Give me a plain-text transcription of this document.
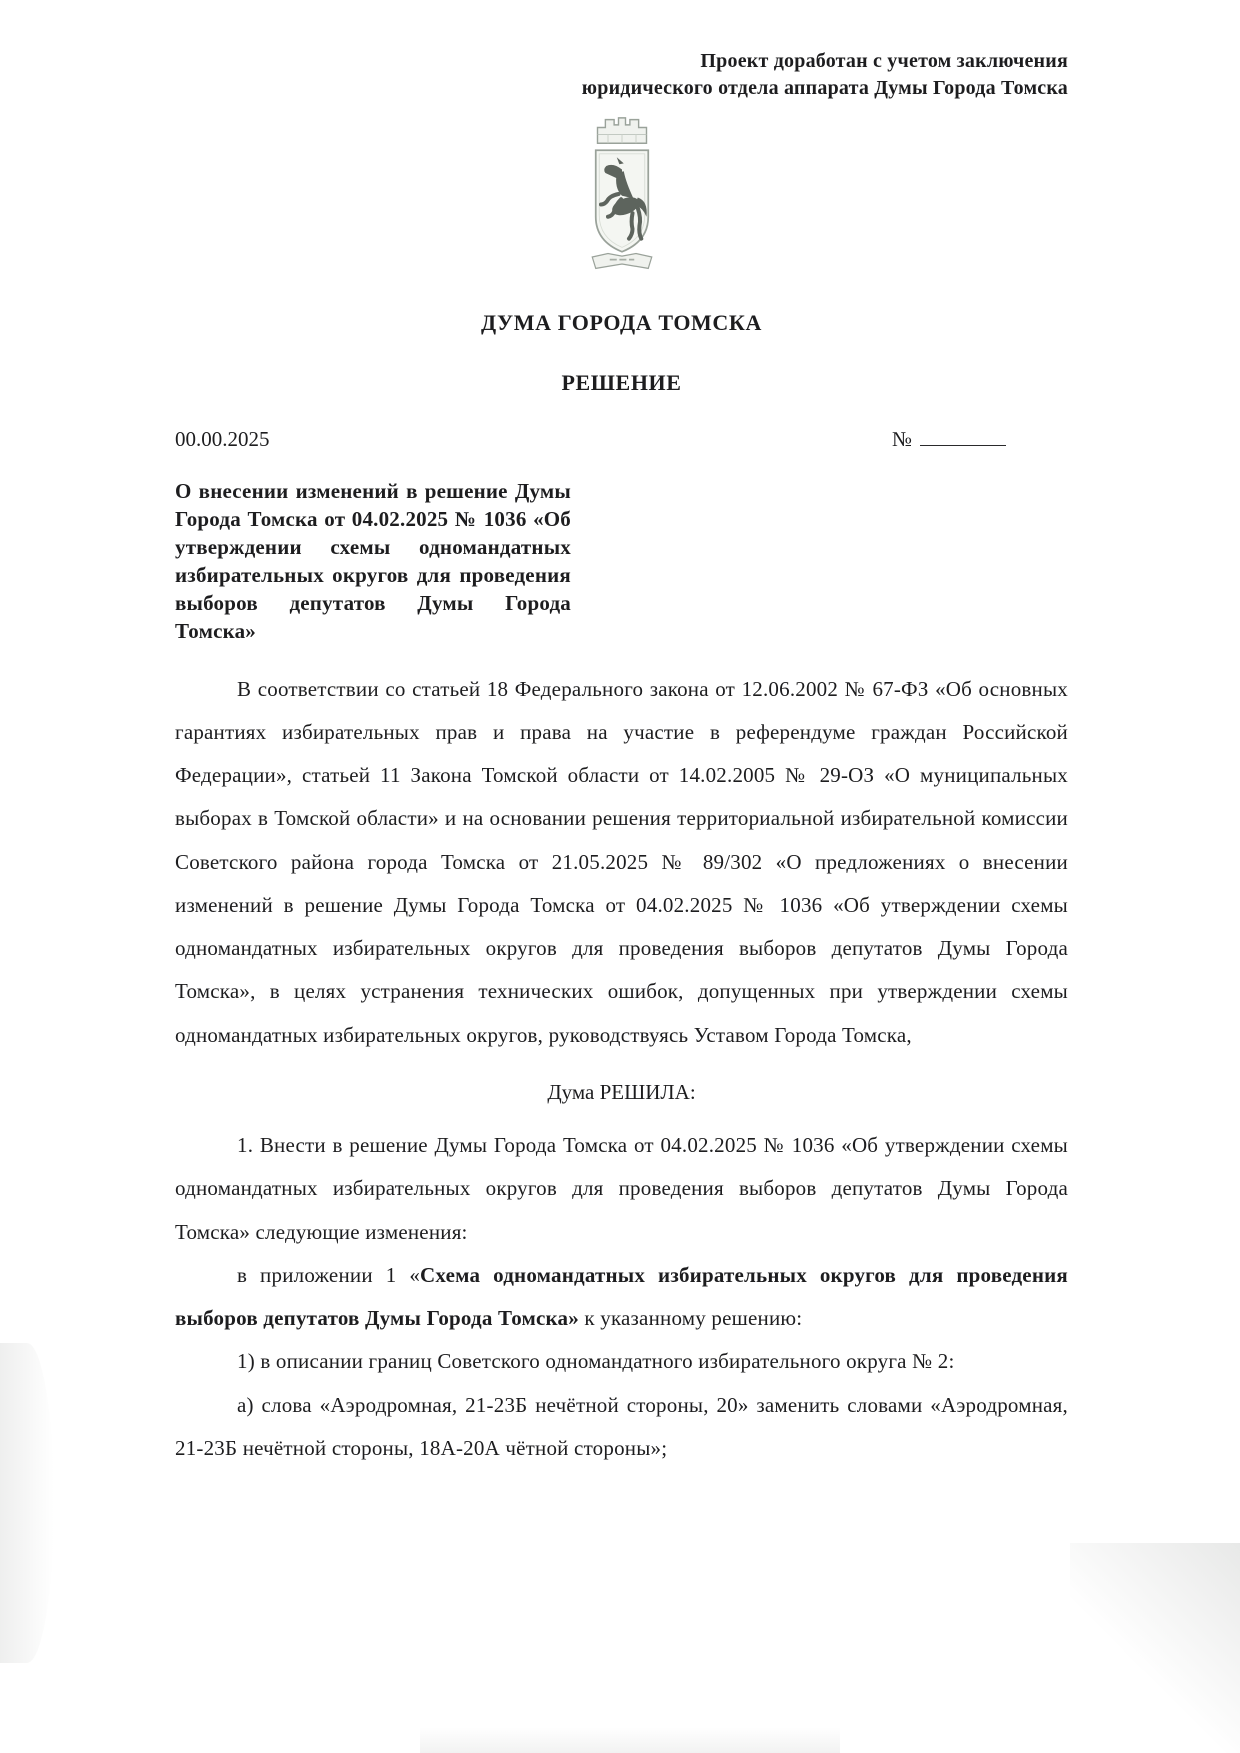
Проект доработан с учетом заключения
юридического отдела аппарата Думы Города Томска
ДУМА ГОРОДА ТОМСКА
РЕШЕНИЕ
00.00.2025	№
О внесении изменений в решение Думы Города Томска от 04.02.2025 № 1036 «Об утверждении схемы одномандатных избирательных округов для проведения выборов депутатов Думы Города Томска»

В соответствии со статьей 18 Федерального закона от 12.06.2002 № 67-ФЗ «Об основных гарантиях избирательных прав и права на участие в референдуме граждан Российской Федерации», статьей 11 Закона Томской области от 14.02.2005 № 29-ОЗ «О муниципальных выборах в Томской области» и на основании решения территориальной избирательной комиссии Советского района города Томска от 21.05.2025 № 89/302 «О предложениях о внесении изменений в решение Думы Города Томска от 04.02.2025 № 1036 «Об утверждении схемы одномандатных избирательных округов для проведения выборов депутатов Думы Города Томска», в целях устранения технических ошибок, допущенных при утверждении схемы одномандатных избирательных округов, руководствуясь Уставом Города Томска,

Дума РЕШИЛА:

1. Внести в решение Думы Города Томска от 04.02.2025 № 1036 «Об утверждении схемы одномандатных избирательных округов для проведения выборов депутатов Думы Города Томска» следующие изменения:

в приложении 1 «Схема одномандатных избирательных округов для проведения выборов депутатов Думы Города Томска» к указанному решению:

1) в описании границ Советского одномандатного избирательного округа № 2:

а) слова «Аэродромная, 21-23Б нечётной стороны, 20» заменить словами «Аэродромная, 21-23Б нечётной стороны, 18А-20А чётной стороны»;
